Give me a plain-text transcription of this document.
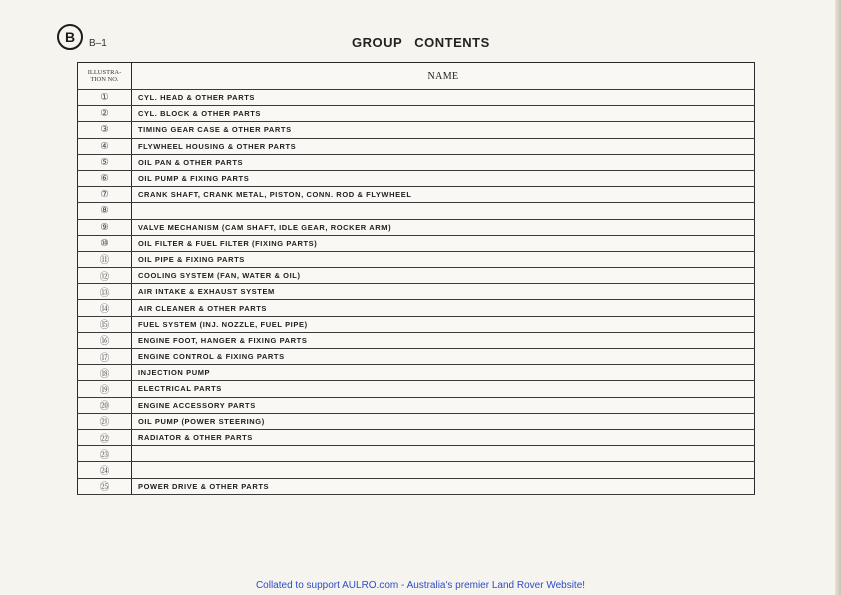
B	B–1	GROUP   CONTENTS
ILLUSTRA-
TION NO.	NAME
①	CYL. HEAD & OTHER PARTS
②	CYL. BLOCK & OTHER PARTS
③	TIMING GEAR CASE & OTHER PARTS
④	FLYWHEEL HOUSING & OTHER PARTS
⑤	OIL PAN & OTHER PARTS
⑥	OIL PUMP & FIXING PARTS
⑦	CRANK SHAFT, CRANK METAL, PISTON, CONN. ROD & FLYWHEEL
⑧	
⑨	VALVE MECHANISM (CAM SHAFT, IDLE GEAR, ROCKER ARM)
⑩	OIL FILTER & FUEL FILTER (FIXING PARTS)
⑪	OIL PIPE & FIXING PARTS
⑫	COOLING SYSTEM (FAN, WATER & OIL)
⑬	AIR INTAKE & EXHAUST SYSTEM
⑭	AIR CLEANER & OTHER PARTS
⑮	FUEL SYSTEM (INJ. NOZZLE, FUEL PIPE)
⑯	ENGINE FOOT, HANGER & FIXING PARTS
⑰	ENGINE CONTROL & FIXING PARTS
⑱	INJECTION PUMP
⑲	ELECTRICAL PARTS
⑳	ENGINE ACCESSORY PARTS
㉑	OIL PUMP (POWER STEERING)
㉒	RADIATOR & OTHER PARTS
㉓	
㉔	
㉕	POWER DRIVE & OTHER PARTS
Collated to support AULRO.com - Australia's premier Land Rover Website!
